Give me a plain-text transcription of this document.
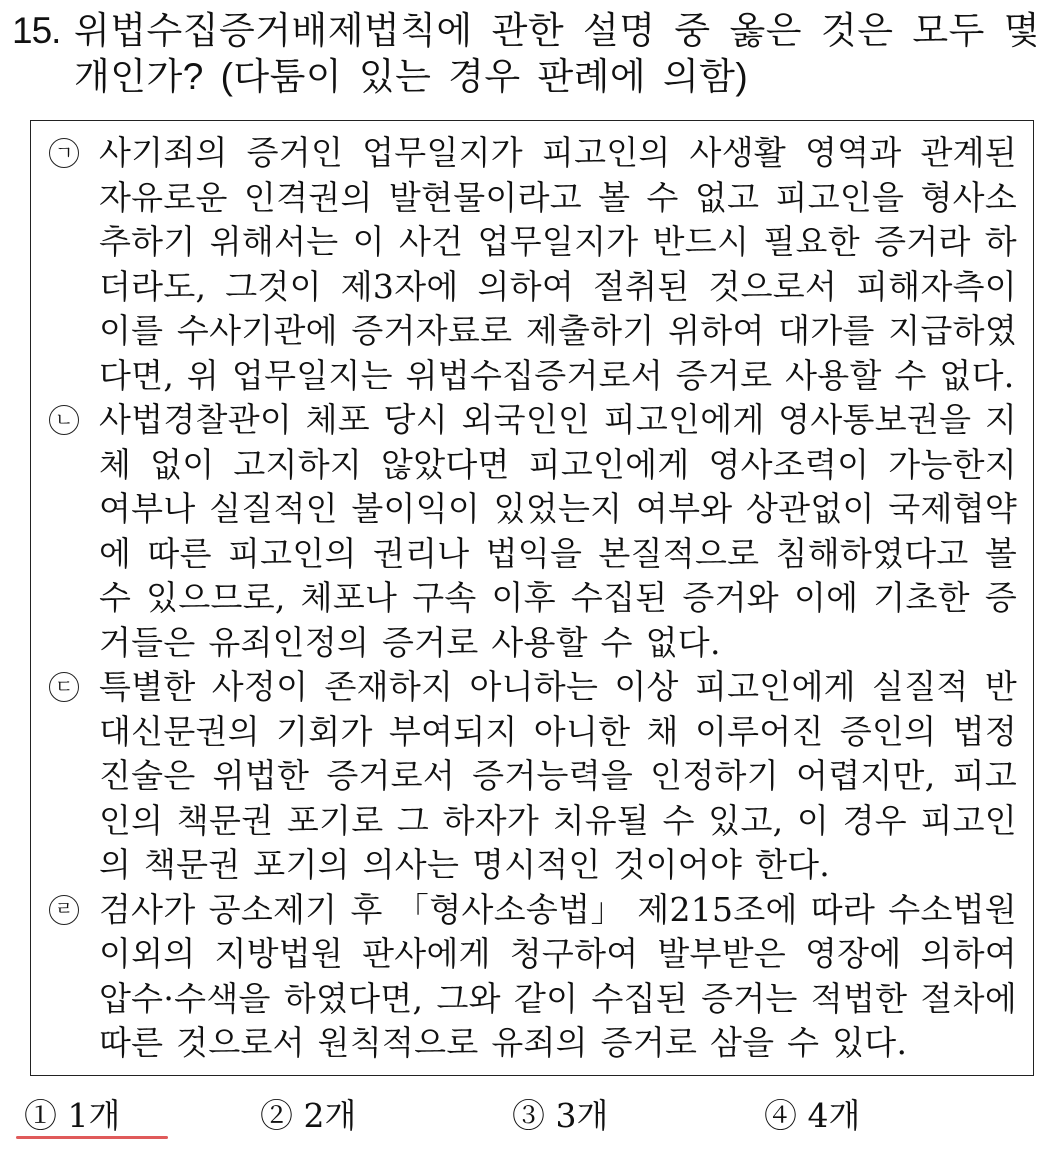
15. 위법수집증거배제법칙에 관한 설명 중 옳은 것은 모두 몇 개인가? (다툼이 있는 경우 판례에 의함)
ㄱ 사기죄의 증거인 업무일지가 피고인의 사생활 영역과 관계된 자유로운 인격권의 발현물이라고 볼 수 없고 피고인을 형사소추하기 위해서는 이 사건 업무일지가 반드시 필요한 증거라 하더라도, 그것이 제3자에 의하여 절취된 것으로서 피해자측이 이를 수사기관에 증거자료로 제출하기 위하여 대가를 지급하였다면, 위 업무일지는 위법수집증거로서 증거로 사용할 수 없다.
ㄴ 사법경찰관이 체포 당시 외국인인 피고인에게 영사통보권을 지체 없이 고지하지 않았다면 피고인에게 영사조력이 가능한지 여부나 실질적인 불이익이 있었는지 여부와 상관없이 국제협약에 따른 피고인의 권리나 법익을 본질적으로 침해하였다고 볼 수 있으므로, 체포나 구속 이후 수집된 증거와 이에 기초한 증거들은 유죄인정의 증거로 사용할 수 없다.
ㄷ 특별한 사정이 존재하지 아니하는 이상 피고인에게 실질적 반대신문권의 기회가 부여되지 아니한 채 이루어진 증인의 법정진술은 위법한 증거로서 증거능력을 인정하기 어렵지만, 피고인의 책문권 포기로 그 하자가 치유될 수 있고, 이 경우 피고인의 책문권 포기의 의사는 명시적인 것이어야 한다.
ㄹ 검사가 공소제기 후 「형사소송법」 제215조에 따라 수소법원 이외의 지방법원 판사에게 청구하여 발부받은 영장에 의하여 압수·수색을 하였다면, 그와 같이 수집된 증거는 적법한 절차에 따른 것으로서 원칙적으로 유죄의 증거로 삼을 수 있다.
① 1개	② 2개	③ 3개	④ 4개
